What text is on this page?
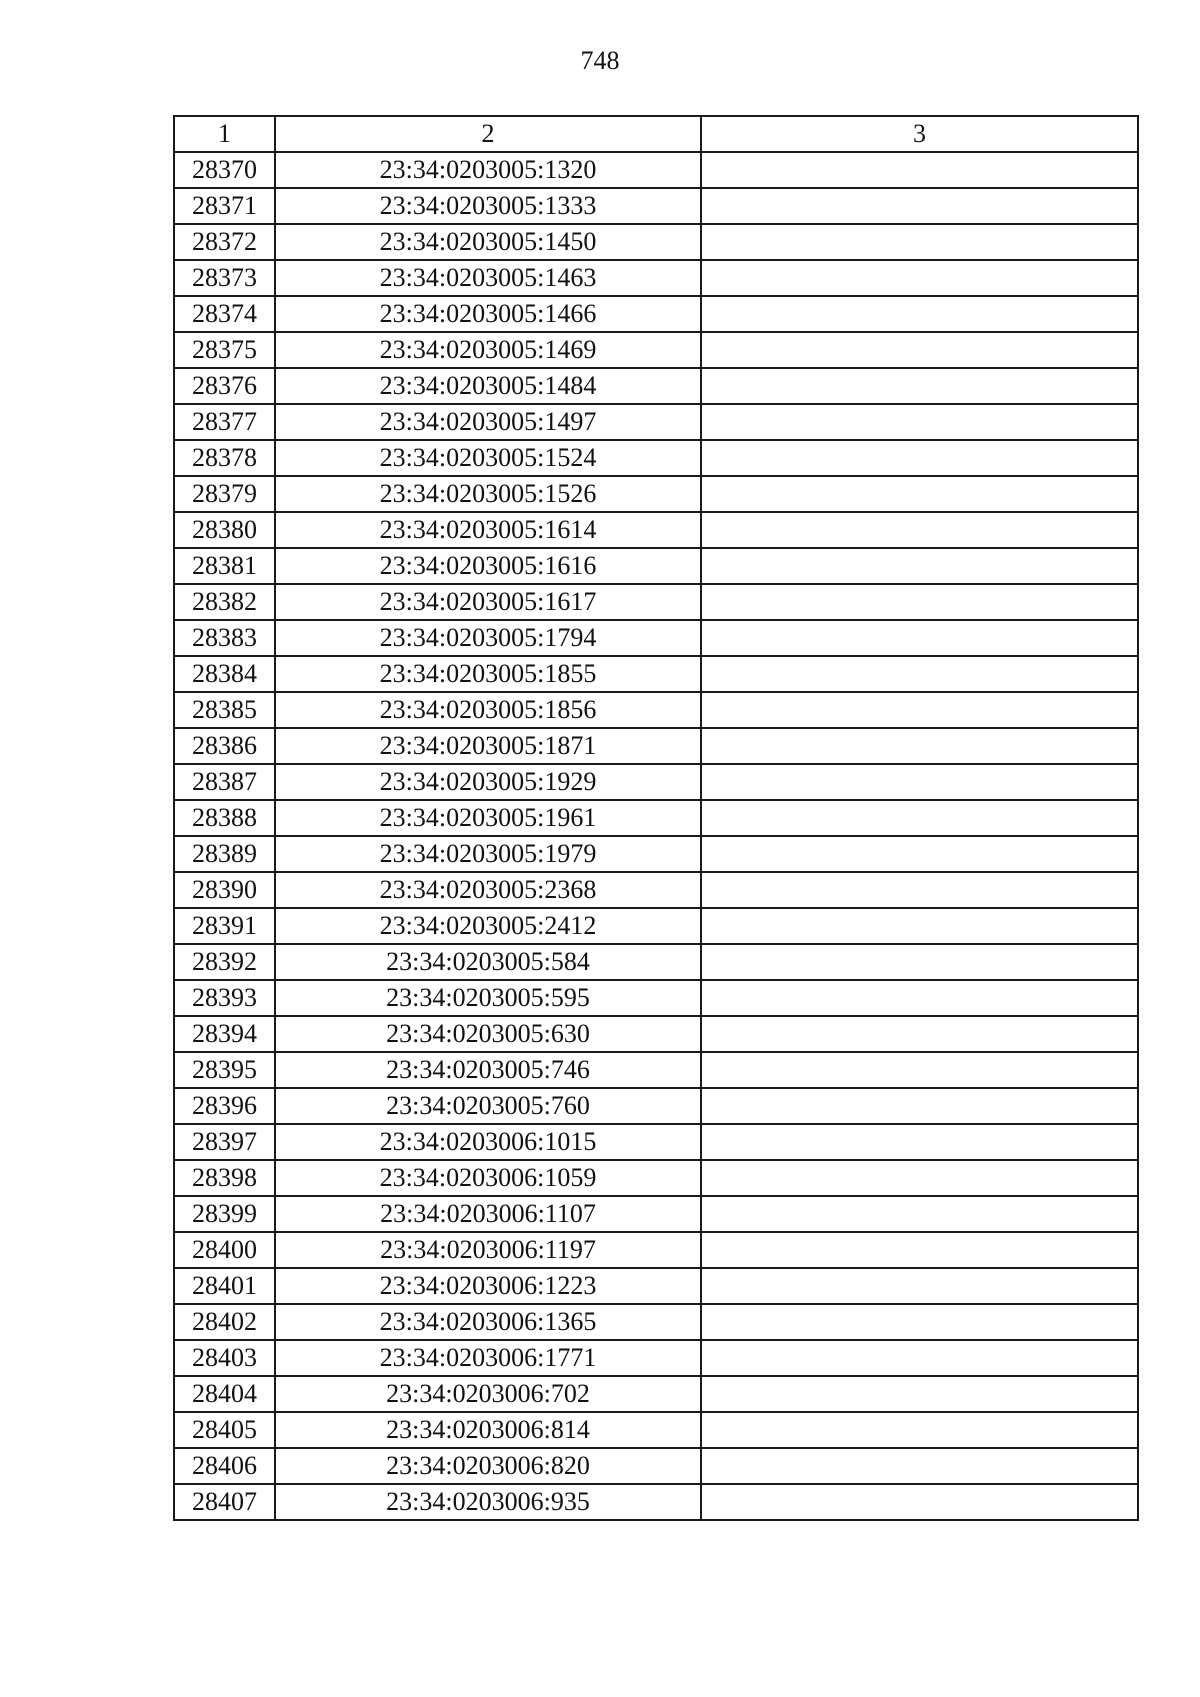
748
1	2	3
28370	23:34:0203005:1320	
28371	23:34:0203005:1333	
28372	23:34:0203005:1450	
28373	23:34:0203005:1463	
28374	23:34:0203005:1466	
28375	23:34:0203005:1469	
28376	23:34:0203005:1484	
28377	23:34:0203005:1497	
28378	23:34:0203005:1524	
28379	23:34:0203005:1526	
28380	23:34:0203005:1614	
28381	23:34:0203005:1616	
28382	23:34:0203005:1617	
28383	23:34:0203005:1794	
28384	23:34:0203005:1855	
28385	23:34:0203005:1856	
28386	23:34:0203005:1871	
28387	23:34:0203005:1929	
28388	23:34:0203005:1961	
28389	23:34:0203005:1979	
28390	23:34:0203005:2368	
28391	23:34:0203005:2412	
28392	23:34:0203005:584	
28393	23:34:0203005:595	
28394	23:34:0203005:630	
28395	23:34:0203005:746	
28396	23:34:0203005:760	
28397	23:34:0203006:1015	
28398	23:34:0203006:1059	
28399	23:34:0203006:1107	
28400	23:34:0203006:1197	
28401	23:34:0203006:1223	
28402	23:34:0203006:1365	
28403	23:34:0203006:1771	
28404	23:34:0203006:702	
28405	23:34:0203006:814	
28406	23:34:0203006:820	
28407	23:34:0203006:935	
